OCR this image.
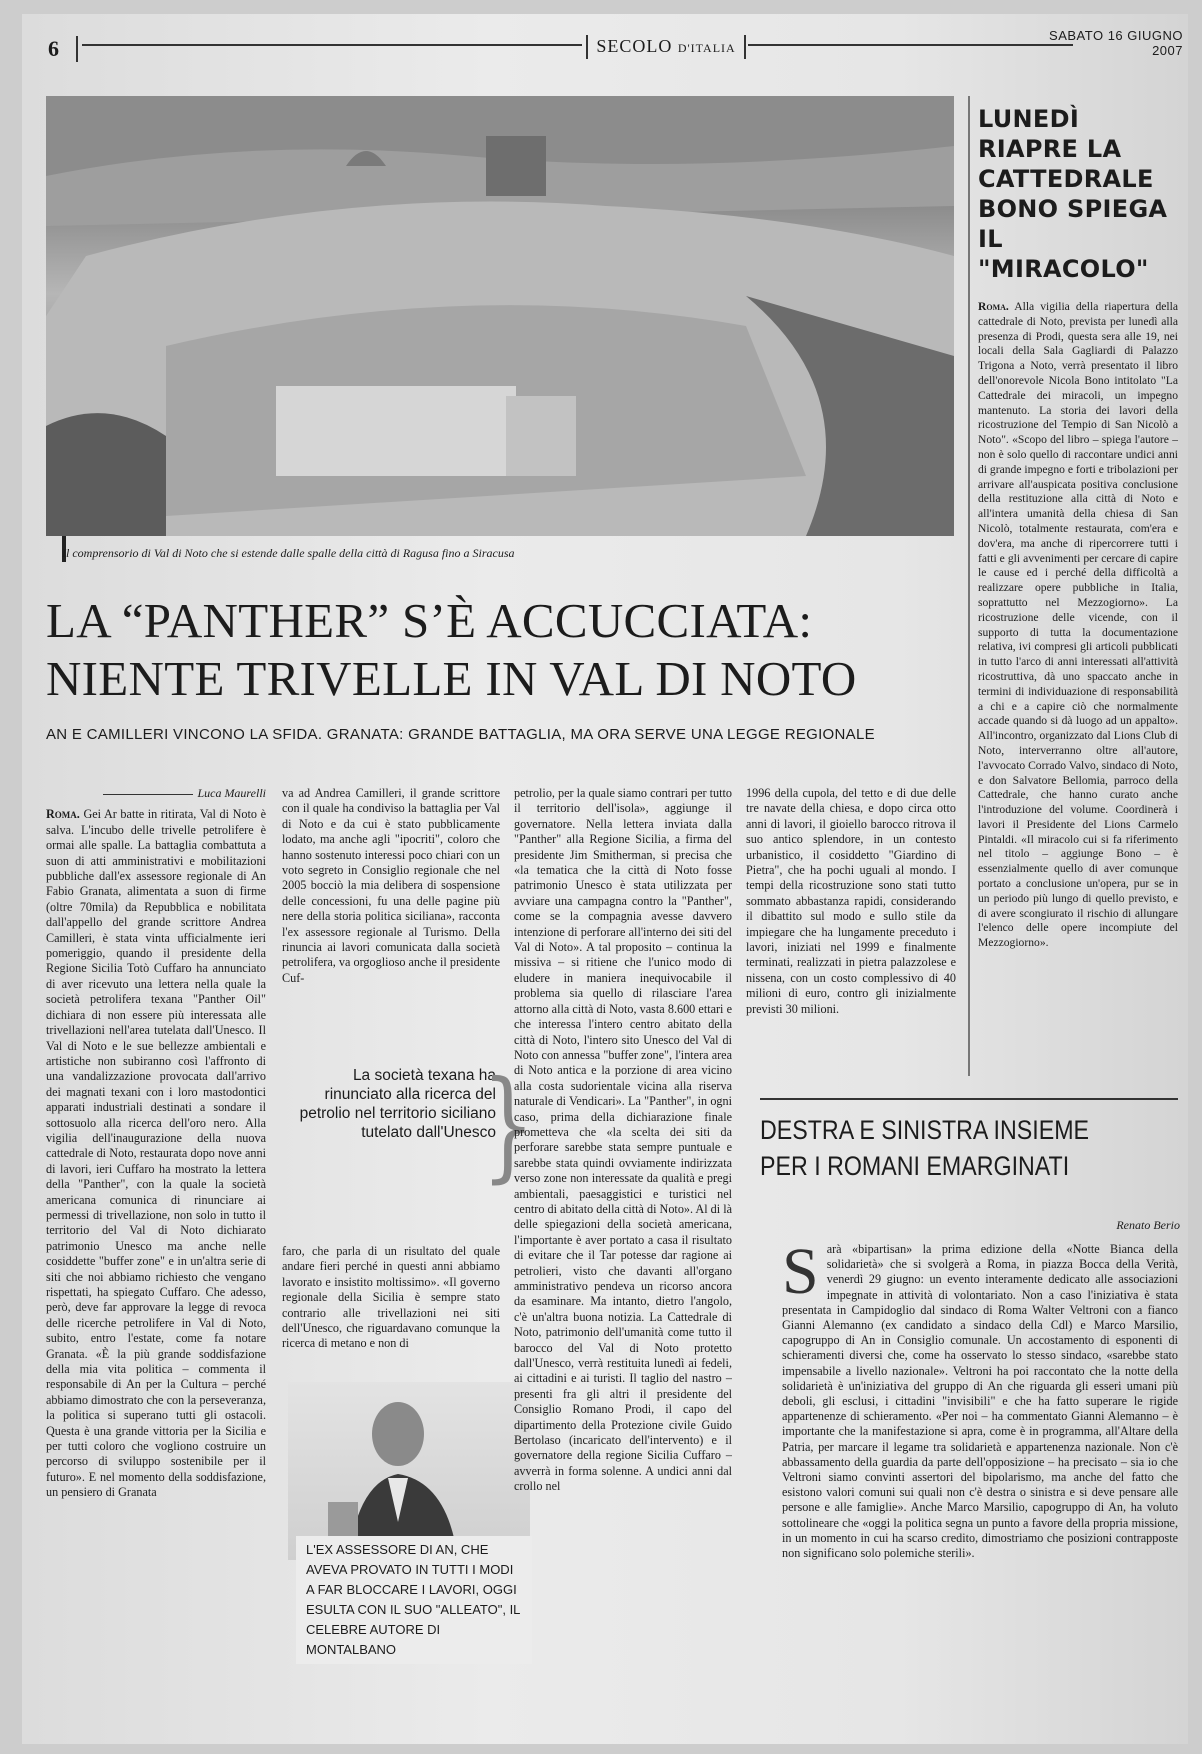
6	SECOLO D'ITALIA
SABATO 16 GIUGNO 2007
Il comprensorio di Val di Noto che si estende dalle spalle della città di Ragusa fino a Siracusa
LA “PANTHER” S’È ACCUCCIATA:
NIENTE TRIVELLE IN VAL DI NOTO
AN E CAMILLERI VINCONO LA SFIDA. GRANATA: GRANDE BATTAGLIA, MA ORA SERVE UNA LEGGE REGIONALE
Luca Maurelli
Roma. Gei Ar batte in ritirata, Val di Noto è salva. L'incubo delle trivelle petrolifere è ormai alle spalle. La battaglia combattuta a suon di atti amministrativi e mobilitazioni pubbliche dall'ex assessore regionale di An Fabio Granata, alimentata a suon di firme (oltre 70mila) da Repubblica e nobilitata dall'appello del grande scrittore Andrea Camilleri, è stata vinta ufficialmente ieri pomeriggio, quando il presidente della Regione Sicilia Totò Cuffaro ha annunciato di aver ricevuto una lettera nella quale la società petrolifera texana "Panther Oil" dichiara di non essere più interessata alle trivellazioni nell'area tutelata dall'Unesco. Il Val di Noto e le sue bellezze ambientali e artistiche non subiranno così l'affronto di una vandalizzazione provocata dall'arrivo dei magnati texani con i loro mastodontici apparati industriali destinati a sondare il sottosuolo alla ricerca dell'oro nero. Alla vigilia dell'inaugurazione della nuova cattedrale di Noto, restaurata dopo nove anni di lavori, ieri Cuffaro ha mostrato la lettera della "Panther", con la quale la società americana comunica di rinunciare ai permessi di trivellazione, non solo in tutto il territorio del Val di Noto dichiarato patrimonio Unesco ma anche nelle cosiddette "buffer zone" e in un'altra serie di siti che noi abbiamo richiesto che vengano rispettati, ha spiegato Cuffaro. Che adesso, però, deve far approvare la legge di revoca delle ricerche petrolifere in Val di Noto, subito, entro l'estate, come fa notare Granata. «È la più grande soddisfazione della mia vita politica – commenta il responsabile di An per la Cultura – perché abbiamo dimostrato che con la perseveranza, la politica si superano tutti gli ostacoli. Questa è una grande vittoria per la Sicilia e per tutti coloro che vogliono costruire un percorso di sviluppo sostenibile per il futuro». E nel momento della soddisfazione, un pensiero di Granata
va ad Andrea Camilleri, il grande scrittore con il quale ha condiviso la battaglia per Val di Noto e da cui è stato pubblicamente lodato, ma anche agli "ipocriti", coloro che hanno sostenuto interessi poco chiari con un voto segreto in Consiglio regionale che nel 2005 bocciò la mia delibera di sospensione delle concessioni, fu una delle pagine più nere della storia politica siciliana», racconta l'ex assessore regionale al Turismo. Della rinuncia ai lavori comunicata dalla società petrolifera, va orgoglioso anche il presidente Cuf-
La società texana ha rinunciato alla ricerca del petrolio nel territorio siciliano tutelato dall'Unesco
}
faro, che parla di un risultato del quale andare fieri perché in questi anni abbiamo lavorato e insistito moltissimo». «Il governo regionale della Sicilia è sempre stato contrario alle trivellazioni nei siti dell'Unesco, che riguardavano comunque la ricerca di metano e non di
L'EX ASSESSORE DI AN, CHE AVEVA PROVATO IN TUTTI I MODI A FAR BLOCCARE I LAVORI, OGGI ESULTA CON IL SUO "ALLEATO", IL CELEBRE AUTORE DI MONTALBANO
petrolio, per la quale siamo contrari per tutto il territorio dell'isola», aggiunge il governatore. Nella lettera inviata dalla "Panther" alla Regione Sicilia, a firma del presidente Jim Smitherman, si precisa che «la tematica che la città di Noto fosse patrimonio Unesco è stata utilizzata per avviare una campagna contro la "Panther", come se la compagnia avesse davvero intenzione di perforare all'interno dei siti del Val di Noto». A tal proposito – continua la missiva – si ritiene che l'unico modo di eludere in maniera inequivocabile il problema sia quello di rilasciare l'area attorno alla città di Noto, vasta 8.600 ettari e che interessa l'intero centro abitato della città di Noto, l'intero sito Unesco del Val di Noto con annessa "buffer zone", l'intera area di Noto antica e la porzione di area vicino alla costa sudorientale vicina alla riserva naturale di Vendicari». La "Panther", in ogni caso, prima della dichiarazione finale prometteva che «la scelta dei siti da perforare sarebbe stata sempre puntuale e sarebbe stata quindi ovviamente indirizzata verso zone non interessate da qualità e pregi ambientali, paesaggistici e turistici nel centro di abitato della città di Noto». Al di là delle spiegazioni della società americana, l'importante è aver portato a casa il risultato di evitare che il Tar potesse dar ragione ai petrolieri, visto che davanti all'organo amministrativo pendeva un ricorso ancora da esaminare. Ma intanto, dietro l'angolo, c'è un'altra buona notizia. La Cattedrale di Noto, patrimonio dell'umanità come tutto il barocco del Val di Noto protetto dall'Unesco, verrà restituita lunedì ai fedeli, ai cittadini e ai turisti. Il taglio del nastro – presenti fra gli altri il presidente del Consiglio Romano Prodi, il capo del dipartimento della Protezione civile Guido Bertolaso (incaricato dell'intervento) e il governatore della regione Sicilia Cuffaro – avverrà in forma solenne. A undici anni dal crollo nel
1996 della cupola, del tetto e di due delle tre navate della chiesa, e dopo circa otto anni di lavori, il gioiello barocco ritrova il suo antico splendore, in un contesto urbanistico, il cosiddetto "Giardino di Pietra", che ha pochi uguali al mondo. I tempi della ricostruzione sono stati tutto sommato abbastanza rapidi, considerando il dibattito sul modo e sullo stile da impiegare che ha lungamente preceduto i lavori, iniziati nel 1999 e finalmente terminati, realizzati in pietra palazzolese e nissena, con un costo complessivo di 40 milioni di euro, contro gli inizialmente previsti 30 milioni.
LUNEDÌ RIAPRE LA CATTEDRALE BONO SPIEGA IL "MIRACOLO"
Roma. Alla vigilia della riapertura della cattedrale di Noto, prevista per lunedì alla presenza di Prodi, questa sera alle 19, nei locali della Sala Gagliardi di Palazzo Trigona a Noto, verrà presentato il libro dell'onorevole Nicola Bono intitolato "La Cattedrale dei miracoli, un impegno mantenuto. La storia dei lavori della ricostruzione del Tempio di San Nicolò a Noto". «Scopo del libro – spiega l'autore – non è solo quello di raccontare undici anni di grande impegno e forti e tribolazioni per arrivare all'auspicata positiva conclusione della restituzione alla città di Noto e all'intera umanità della chiesa di San Nicolò, totalmente restaurata, com'era e dov'era, ma anche di ripercorrere tutti i fatti e gli avvenimenti per cercare di capire le cause ed i perché della difficoltà a realizzare opere pubbliche in Italia, soprattutto nel Mezzogiorno». La ricostruzione delle vicende, con il supporto di tutta la documentazione relativa, ivi compresi gli articoli pubblicati in tutto l'arco di anni interessati all'attività ricostruttiva, dà uno spaccato anche in termini di individuazione di responsabilità a chi e a capire ciò che normalmente accade quando si dà luogo ad un appalto». All'incontro, organizzato dal Lions Club di Noto, interverranno oltre all'autore, l'avvocato Corrado Valvo, sindaco di Noto, e don Salvatore Bellomia, parroco della Cattedrale, che hanno curato anche l'introduzione del volume. Coordinerà i lavori il Presidente del Lions Carmelo Pintaldi. «Il miracolo cui si fa riferimento nel titolo – aggiunge Bono – è essenzialmente quello di aver comunque portato a conclusione un'opera, pur se in un periodo più lungo di quello previsto, e di avere scongiurato il rischio di allungare l'elenco delle opere incompiute del Mezzogiorno».
DESTRA E SINISTRA INSIEME
PER I ROMANI EMARGINATI
Renato Berio
S arà «bipartisan» la prima edizione della «Notte Bianca della solidarietà» che si svolgerà a Roma, in piazza Bocca della Verità, venerdì 29 giugno: un evento interamente dedicato alle associazioni impegnate in attività di volontariato. Non a caso l'iniziativa è stata presentata in Campidoglio dal sindaco di Roma Walter Veltroni con a fianco Gianni Alemanno (ex candidato a sindaco della Cdl) e Marco Marsilio, capogruppo di An in Consiglio comunale. Un accostamento di esponenti di schieramenti diversi che, come ha osservato lo stesso sindaco, «sarebbe stato impensabile a livello nazionale». Veltroni ha poi raccontato che la notte della solidarietà è un'iniziativa del gruppo di An che riguarda gli esseri umani più deboli, gli esclusi, i cittadini "invisibili" e che ha fatto superare le rigide appartenenze di schieramento. «Per noi – ha commentato Gianni Alemanno – è importante che la manifestazione si apra, come è in programma, all'Altare della Patria, per marcare il legame tra solidarietà e appartenenza nazionale. Non c'è abbassamento della guardia da parte dell'opposizione – ha precisato – sia io che Veltroni siamo convinti assertori del bipolarismo, ma anche del fatto che esistono valori comuni sui quali non c'è destra o sinistra e si deve pensare alle persone e alle famiglie». Anche Marco Marsilio, capogruppo di An, ha voluto sottolineare che «oggi la politica segna un punto a favore della propria missione, in un momento in cui ha scarso credito, dimostriamo che posizioni contrapposte non significano solo polemiche sterili».
